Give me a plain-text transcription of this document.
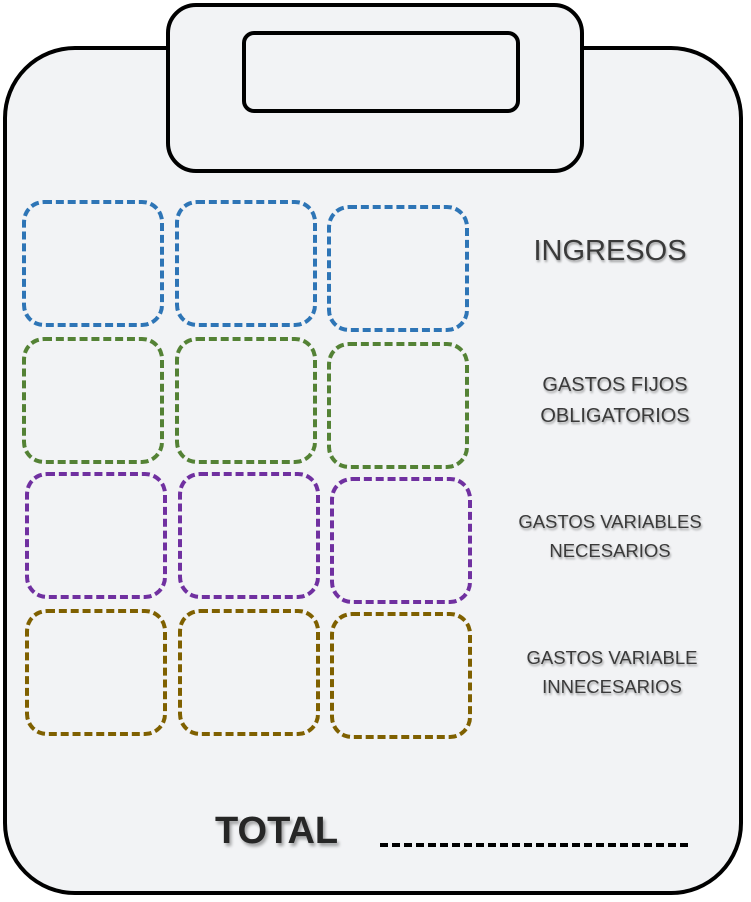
INGRESOS
GASTOS FIJOS OBLIGATORIOS
GASTOS VARIABLES NECESARIOS
GASTOS VARIABLE INNECESARIOS
TOTAL
